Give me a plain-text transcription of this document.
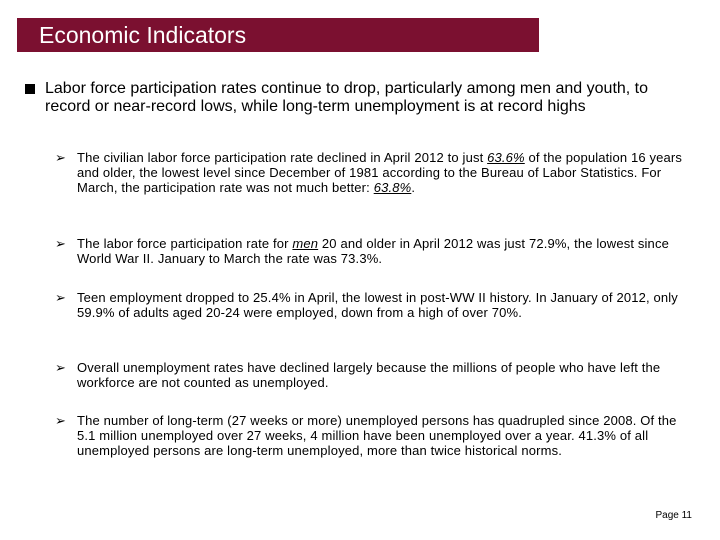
Economic Indicators
Labor force participation rates continue to drop, particularly among men and youth, to record or near-record lows, while long-term unemployment is at record highs
➢ The civilian labor force participation rate declined in April 2012 to just 63.6% of the population 16 years and older, the lowest level since December of 1981 according to the Bureau of Labor Statistics. For March, the participation rate was not much better: 63.8%.
➢ The labor force participation rate for men 20 and older in April 2012 was just 72.9%, the lowest since World War II. January to March the rate was 73.3%.
➢ Teen employment dropped to 25.4% in April, the lowest in post-WW II history. In January of 2012, only 59.9% of adults aged 20-24 were employed, down from a high of over 70%.
➢ Overall unemployment rates have declined largely because the millions of people who have left the workforce are not counted as unemployed.
➢ The number of long-term (27 weeks or more) unemployed persons has quadrupled since 2008. Of the 5.1 million unemployed over 27 weeks, 4 million have been unemployed over a year. 41.3% of all unemployed persons are long-term unemployed, more than twice historical norms.
Page 11
